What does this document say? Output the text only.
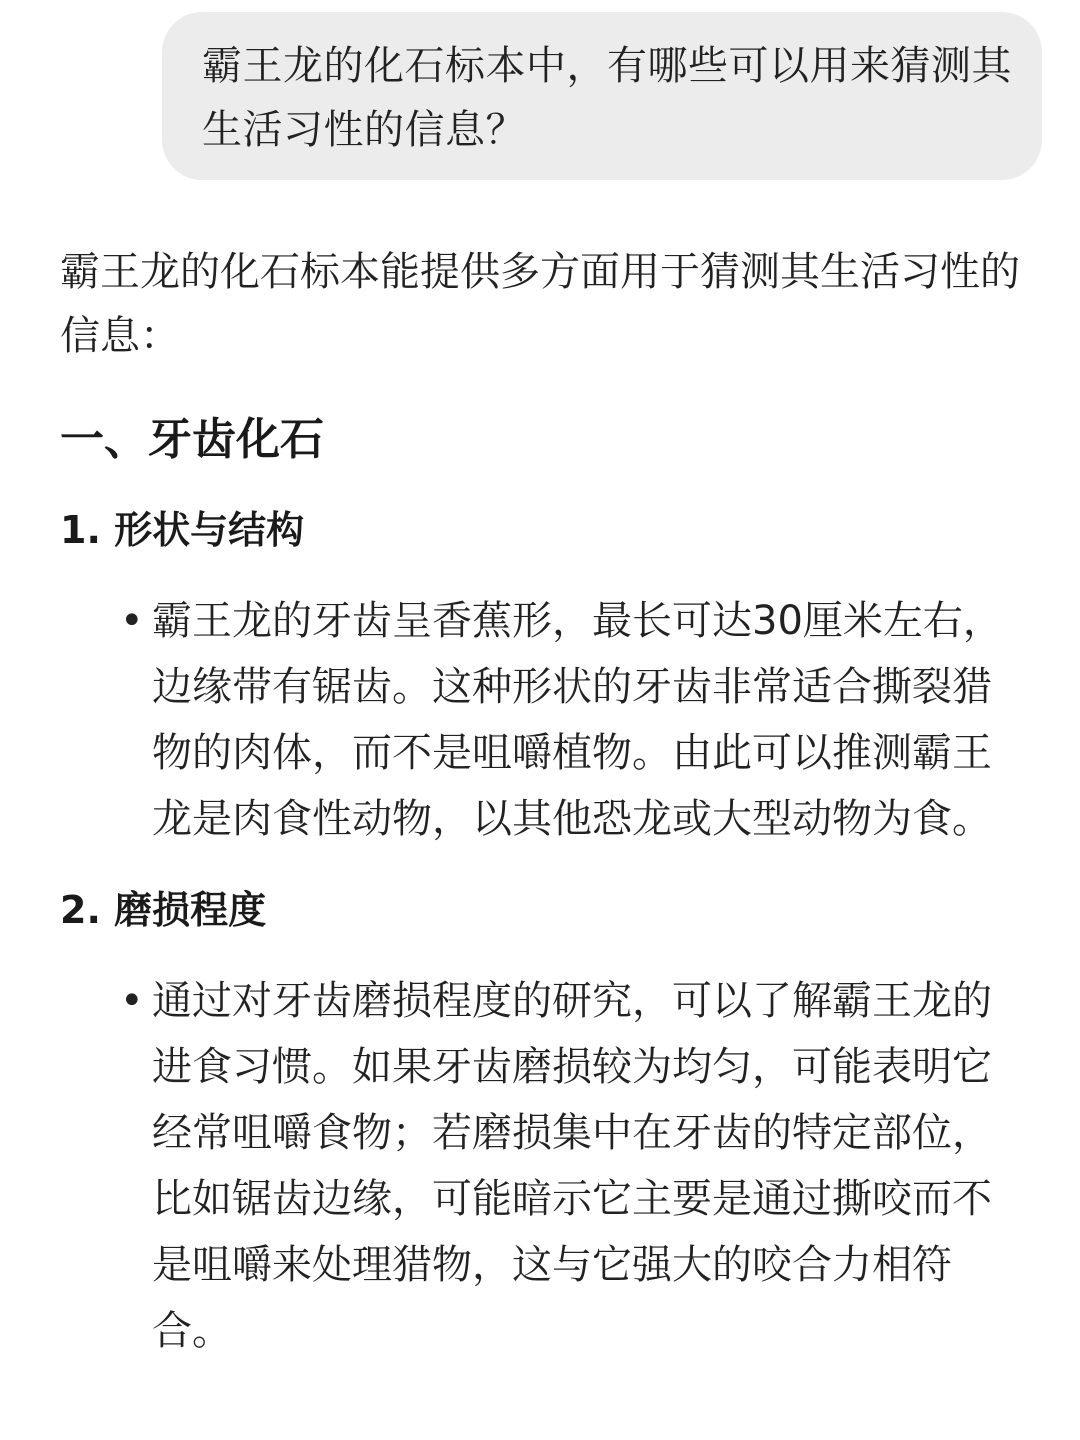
霸王龙的化石标本中，有哪些可以用来猜测其生活习性的信息？

霸王龙的化石标本能提供多方面用于猜测其生活习性的信息：

一、牙齿化石
1. 形状与结构
• 霸王龙的牙齿呈香蕉形，最长可达30厘米左右，边缘带有锯齿。这种形状的牙齿非常适合撕裂猎物的肉体，而不是咀嚼植物。由此可以推测霸王龙是肉食性动物，以其他恐龙或大型动物为食。

2. 磨损程度
• 通过对牙齿磨损程度的研究，可以了解霸王龙的进食习惯。如果牙齿磨损较为均匀，可能表明它经常咀嚼食物；若磨损集中在牙齿的特定部位，比如锯齿边缘，可能暗示它主要是通过撕咬而不是咀嚼来处理猎物，这与它强大的咬合力相符合。
